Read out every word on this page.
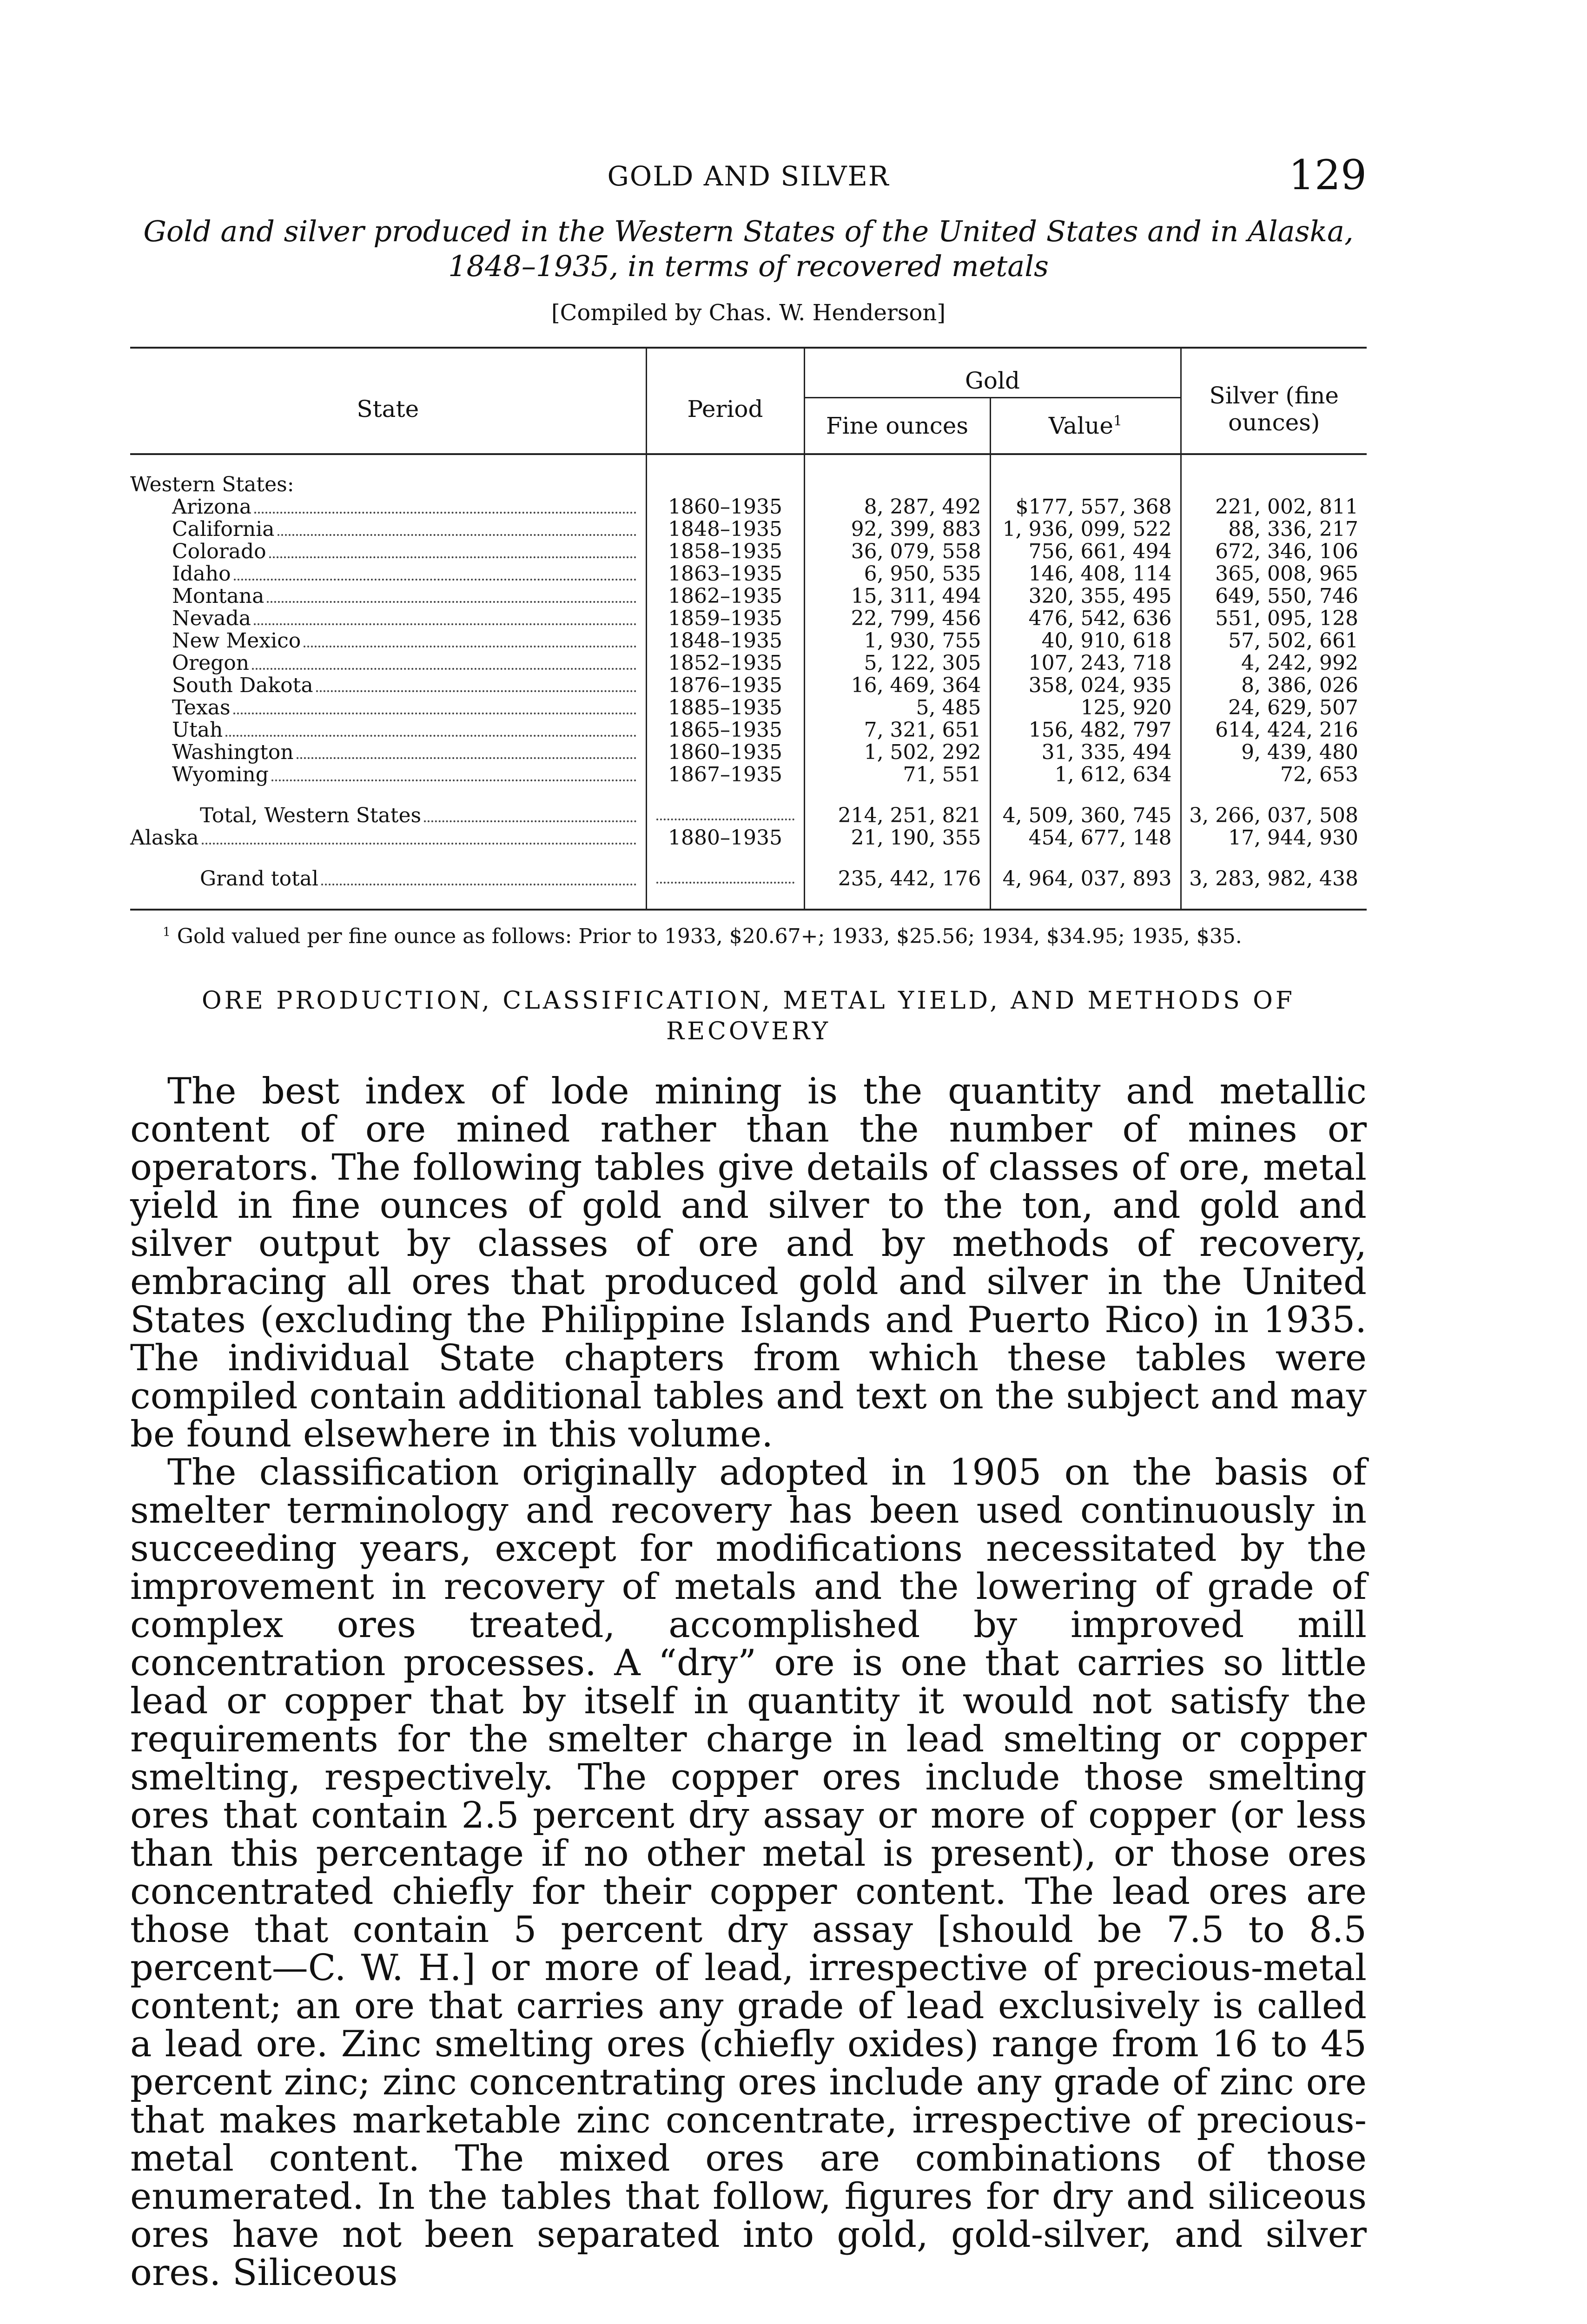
GOLD AND SILVER	129
Gold and silver produced in the Western States of the United States and in Alaska,
1848–1935, in terms of recovered metals
[Compiled by Chas. W. Henderson]
State	Period	Gold		Silver (fine ounces)
		Fine ounces	Value$^1$

Western States:				

Arizona	1860–1935	8, 287, 492	$177, 557, 368	221, 002, 811

California	1848–1935	92, 399, 883	1, 936, 099, 522	88, 336, 217

Colorado	1858–1935	36, 079, 558	756, 661, 494	672, 346, 106

Idaho	1863–1935	6, 950, 535	146, 408, 114	365, 008, 965

Montana	1862–1935	15, 311, 494	320, 355, 495	649, 550, 746

Nevada	1859–1935	22, 799, 456	476, 542, 636	551, 095, 128

New Mexico	1848–1935	1, 930, 755	40, 910, 618	57, 502, 661

Oregon	1852–1935	5, 122, 305	107, 243, 718	4, 242, 992

South Dakota	1876–1935	16, 469, 364	358, 024, 935	8, 386, 026

Texas	1885–1935	5, 485	125, 920	24, 629, 507

Utah	1865–1935	7, 321, 651	156, 482, 797	614, 424, 216

Washington	1860–1935	1, 502, 292	31, 335, 494	9, 439, 480

Wyoming	1867–1935	71, 551	1, 612, 634	72, 653

Total, Western States		214, 251, 821	4, 509, 360, 745	3, 266, 037, 508

Alaska	1880–1935	21, 190, 355	454, 677, 148	17, 944, 930

Grand total		235, 442, 176	4, 964, 037, 893	3, 283, 982, 438
$^1$ Gold valued per fine ounce as follows: Prior to 1933, $20.67+; 1933, $25.56; 1934, $34.95; 1935, $35.
ORE PRODUCTION, CLASSIFICATION, METAL YIELD, AND METHODS OF
RECOVERY

The best index of lode mining is the quantity and metallic content of ore mined rather than the number of mines or operators. The following tables give details of classes of ore, metal yield in fine ounces of gold and silver to the ton, and gold and silver output by classes of ore and by methods of recovery, embracing all ores that produced gold and silver in the United States (excluding the Philippine Islands and Puerto Rico) in 1935. The individual State chapters from which these tables were compiled contain additional tables and text on the subject and may be found elsewhere in this volume.

The classification originally adopted in 1905 on the basis of smelter terminology and recovery has been used continuously in succeeding years, except for modifications necessitated by the improvement in recovery of metals and the lowering of grade of complex ores treated, accomplished by improved mill concentration processes. A “dry” ore is one that carries so little lead or copper that by itself in quantity it would not satisfy the requirements for the smelter charge in lead smelting or copper smelting, respectively. The copper ores include those smelting ores that contain 2.5 percent dry assay or more of copper (or less than this percentage if no other metal is present), or those ores concentrated chiefly for their copper content. The lead ores are those that contain 5 percent dry assay [should be 7.5 to 8.5 percent—C. W. H.] or more of lead, irrespective of precious-metal content; an ore that carries any grade of lead exclusively is called a lead ore. Zinc smelting ores (chiefly oxides) range from 16 to 45 percent zinc; zinc concentrating ores include any grade of zinc ore that makes marketable zinc concentrate, irrespective of precious-metal content. The mixed ores are combinations of those enumerated. In the tables that follow, figures for dry and siliceous ores have not been separated into gold, gold-silver, and silver ores. Siliceous
